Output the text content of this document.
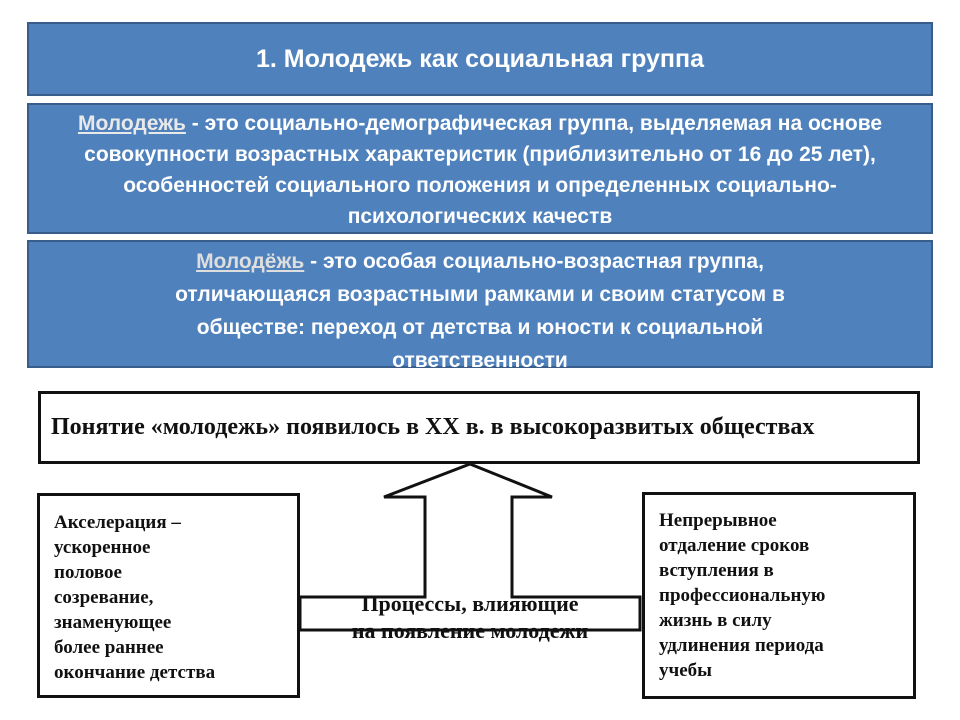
1. Молодежь как социальная группа
Молодежь - это социально-демографическая группа, выделяемая на основе совокупности возрастных характеристик (приблизительно от 16 до 25 лет), особенностей социального положения и определенных социально-психологических качеств
Молодёжь - это особая социально-возрастная группа, отличающаяся возрастными рамками и своим статусом в обществе: переход от детства и юности к социальной ответственности
Понятие «молодежь» появилось в XX в. в высокоразвитых обществах
Акселерация –
ускоренное
половое
созревание,
знаменующее
более раннее
окончание детства
Непрерывное
отдаление сроков
вступления в
профессиональную
жизнь в силу
удлинения периода
учебы
Процессы, влияющие
на появление молодежи
